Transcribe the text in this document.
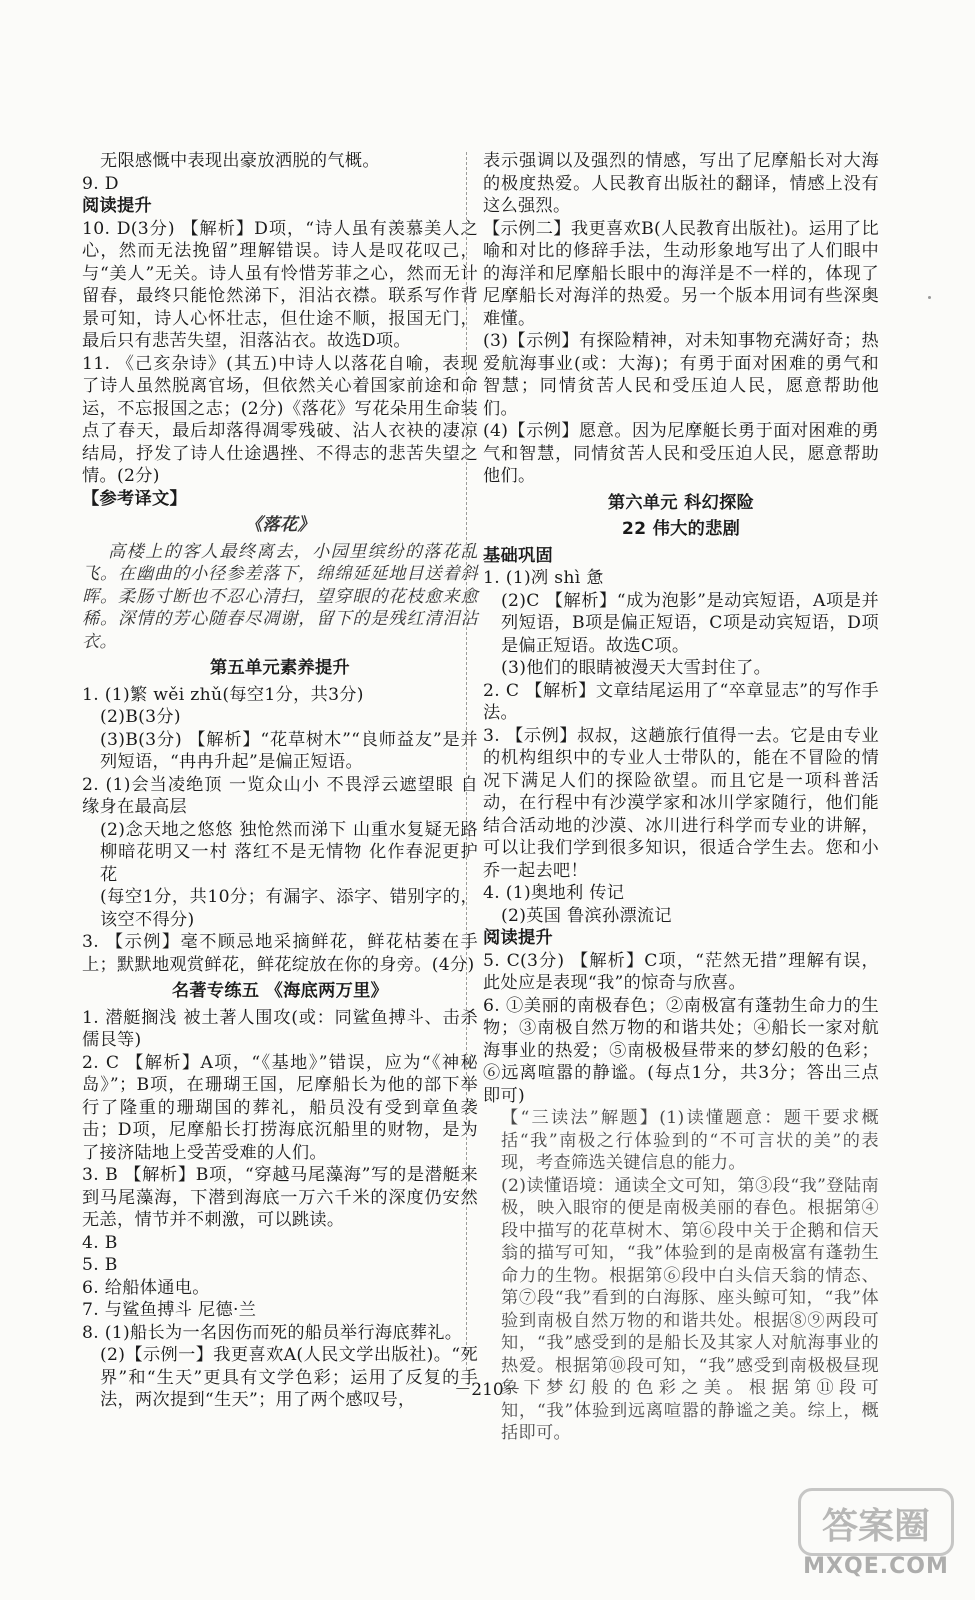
无限感慨中表现出豪放洒脱的气概。

9. D

阅读提升

10. D(3分) 【解析】D项，“诗人虽有羡慕美人之心，然而无法挽留”理解错误。诗人是叹花叹己，与“美人”无关。诗人虽有怜惜芳菲之心，然而无计留春，最终只能怆然涕下，泪沾衣襟。联系写作背景可知，诗人心怀壮志，但仕途不顺，报国无门，最后只有悲苦失望，泪落沾衣。故选D项。

11. 《己亥杂诗》(其五)中诗人以落花自喻，表现了诗人虽然脱离官场，但依然关心着国家前途和命运，不忘报国之志；(2分)《落花》写花朵用生命装点了春天，最后却落得凋零残破、沾人衣袂的凄凉结局，抒发了诗人仕途遇挫、不得志的悲苦失望之情。(2分)

【参考译文】

《落花》

高楼上的客人最终离去，小园里缤纷的落花乱飞。在幽曲的小径参差落下，绵绵延延地目送着斜晖。柔肠寸断也不忍心清扫，望穿眼的花枝愈来愈稀。深情的芳心随春尽凋谢，留下的是残红清泪沾衣。

第五单元素养提升

1. (1)繁 wěi zhǔ(每空1分，共3分)

(2)B(3分)

(3)B(3分) 【解析】“花草树木”“良师益友”是并列短语，“冉冉升起”是偏正短语。

2. (1)会当凌绝顶 一览众山小 不畏浮云遮望眼 自缘身在最高层

(2)念天地之悠悠 独怆然而涕下 山重水复疑无路 柳暗花明又一村 落红不是无情物 化作春泥更护花

(每空1分，共10分；有漏字、添字、错别字的，该空不得分)

3. 【示例】毫不顾忌地采摘鲜花，鲜花枯萎在手上；默默地观赏鲜花，鲜花绽放在你的身旁。(4分)

名著专练五 《海底两万里》

1. 潜艇搁浅 被土著人围攻(或：同鲨鱼搏斗、击杀儒艮等)

2. C 【解析】A项，“《基地》”错误，应为“《神秘岛》”；B项，在珊瑚王国，尼摩船长为他的部下举行了隆重的珊瑚国的葬礼，船员没有受到章鱼袭击；D项，尼摩船长打捞海底沉船里的财物，是为了接济陆地上受苦受难的人们。

3. B 【解析】B项，“穿越马尾藻海”写的是潜艇来到马尾藻海，下潜到海底一万六千米的深度仍安然无恙，情节并不刺激，可以跳读。

4. B

5. B

6. 给船体通电。

7. 与鲨鱼搏斗 尼德·兰

8. (1)船长为一名因伤而死的船员举行海底葬礼。

(2)【示例一】我更喜欢A(人民文学出版社)。“死界”和“生天”更具有文学色彩；运用了反复的手法，两次提到“生天”；用了两个感叹号，

表示强调以及强烈的情感，写出了尼摩船长对大海的极度热爱。人民教育出版社的翻译，情感上没有这么强烈。

【示例二】我更喜欢B(人民教育出版社)。运用了比喻和对比的修辞手法，生动形象地写出了人们眼中的海洋和尼摩船长眼中的海洋是不一样的，体现了尼摩船长对海洋的热爱。另一个版本用词有些深奥难懂。

(3)【示例】有探险精神，对未知事物充满好奇；热爱航海事业(或：大海)；有勇于面对困难的勇气和智慧；同情贫苦人民和受压迫人民，愿意帮助他们。

(4)【示例】愿意。因为尼摩艇长勇于面对困难的勇气和智慧，同情贫苦人民和受压迫人民，愿意帮助他们。

第六单元 科幻探险

22 伟大的悲剧

基础巩固

1. (1)冽 shì 惫

(2)C 【解析】“成为泡影”是动宾短语，A项是并列短语，B项是偏正短语，C项是动宾短语，D项是偏正短语。故选C项。

(3)他们的眼睛被漫天大雪封住了。

2. C 【解析】文章结尾运用了“卒章显志”的写作手法。

3. 【示例】叔叔，这趟旅行值得一去。它是由专业的机构组织中的专业人士带队的，能在不冒险的情况下满足人们的探险欲望。而且它是一项科普活动，在行程中有沙漠学家和冰川学家随行，他们能结合活动地的沙漠、冰川进行科学而专业的讲解，可以让我们学到很多知识，很适合学生去。您和小乔一起去吧！

4. (1)奥地利 传记

(2)英国 鲁滨孙漂流记

阅读提升

5. C(3分) 【解析】C项，“茫然无措”理解有误，此处应是表现“我”的惊奇与欣喜。

6. ①美丽的南极春色；②南极富有蓬勃生命力的生物；③南极自然万物的和谐共处；④船长一家对航海事业的热爱；⑤南极极昼带来的梦幻般的色彩；⑥远离喧嚣的静谧。(每点1分，共3分；答出三点即可)

【“三读法”解题】(1)读懂题意：题干要求概括“我”南极之行体验到的“不可言状的美”的表现，考查筛选关键信息的能力。

(2)读懂语境：通读全文可知，第③段“我”登陆南极，映入眼帘的便是南极美丽的春色。根据第④段中描写的花草树木、第⑥段中关于企鹅和信天翁的描写可知，“我”体验到的是南极富有蓬勃生命力的生物。根据第⑥段中白头信天翁的情态、第⑦段“我”看到的白海豚、座头鲸可知，“我”体验到南极自然万物的和谐共处。根据⑧⑨两段可知，“我”感受到的是船长及其家人对航海事业的热爱。根据第⑩段可知，“我”感受到南极极昼现象下梦幻般的色彩之美。根据第⑪段可知，“我”体验到远离喧嚣的静谧之美。综上，概括即可。

－210－
答案圈
MXQE.COM
